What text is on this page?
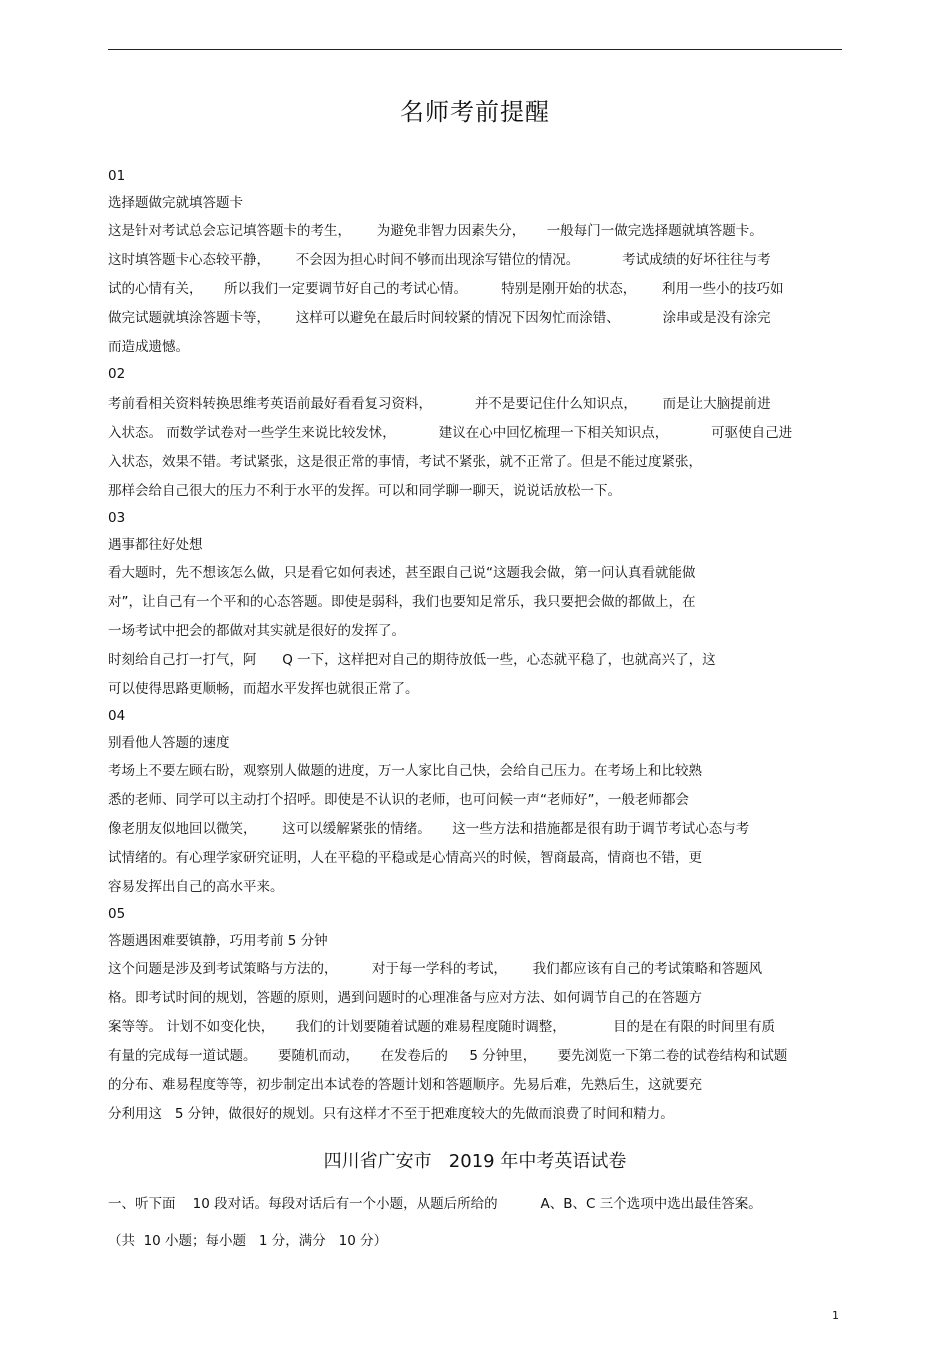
名师考前提醒
01
选择题做完就填答题卡
这是针对考试总会忘记填答题卡的考生，      为避免非智力因素失分，     一般每门一做完选择题就填答题卡。
这时填答题卡心态较平静，      不会因为担心时间不够而出现涂写错位的情况。          考试成绩的好坏往往与考
试的心情有关，     所以我们一定要调节好自己的考试心情。        特别是刚开始的状态，      利用一些小的技巧如
做完试题就填涂答题卡等，      这样可以避免在最后时间较紧的情况下因匆忙而涂错、          涂串或是没有涂完
而造成遗憾。
02
考前看相关资料转换思维考英语前最好看看复习资料，          并不是要记住什么知识点，      而是让大脑提前进
入状态。 而数学试卷对一些学生来说比较发怵，          建议在心中回忆梳理一下相关知识点，          可驱使自己进
入状态，效果不错。考试紧张，这是很正常的事情，考试不紧张，就不正常了。但是不能过度紧张，
那样会给自己很大的压力不利于水平的发挥。可以和同学聊一聊天，说说话放松一下。
03
遇事都往好处想
看大题时，先不想该怎么做，只是看它如何表述，甚至跟自己说“这题我会做，第一问认真看就能做
对”，让自己有一个平和的心态答题。即使是弱科，我们也要知足常乐，我只要把会做的都做上，在
一场考试中把会的都做对其实就是很好的发挥了。
时刻给自己打一打气，阿      Q 一下，这样把对自己的期待放低一些，心态就平稳了，也就高兴了，这
可以使得思路更顺畅，而超水平发挥也就很正常了。
04
别看他人答题的速度
考场上不要左顾右盼，观察别人做题的进度，万一人家比自己快，会给自己压力。在考场上和比较熟
悉的老师、同学可以主动打个招呼。即使是不认识的老师，也可问候一声“老师好”，一般老师都会
像老朋友似地回以微笑，      这可以缓解紧张的情绪。     这一些方法和措施都是很有助于调节考试心态与考
试情绪的。有心理学家研究证明，人在平稳的平稳或是心情高兴的时候，智商最高，情商也不错，更
容易发挥出自己的高水平来。
05
答题遇困难要镇静，巧用考前 5 分钟
这个问题是涉及到考试策略与方法的，        对于每一学科的考试，      我们都应该有自己的考试策略和答题风
格。即考试时间的规划，答题的原则，遇到问题时的心理准备与应对方法、如何调节自己的在答题方
案等等。 计划不如变化快，     我们的计划要随着试题的难易程度随时调整，           目的是在有限的时间里有质
有量的完成每一道试题。     要随机而动，     在发卷后的     5 分钟里，     要先浏览一下第二卷的试卷结构和试题
的分布、难易程度等等，初步制定出本试卷的答题计划和答题顺序。先易后难，先熟后生，这就要充
分利用这   5 分钟，做很好的规划。只有这样才不至于把难度较大的先做而浪费了时间和精力。
四川省广安市   2019 年中考英语试卷
一、听下面    10 段对话。每段对话后有一个小题，从题后所给的          A、B、C 三个选项中选出最佳答案。
（共  10 小题；每小题   1 分，满分   10 分）
1
